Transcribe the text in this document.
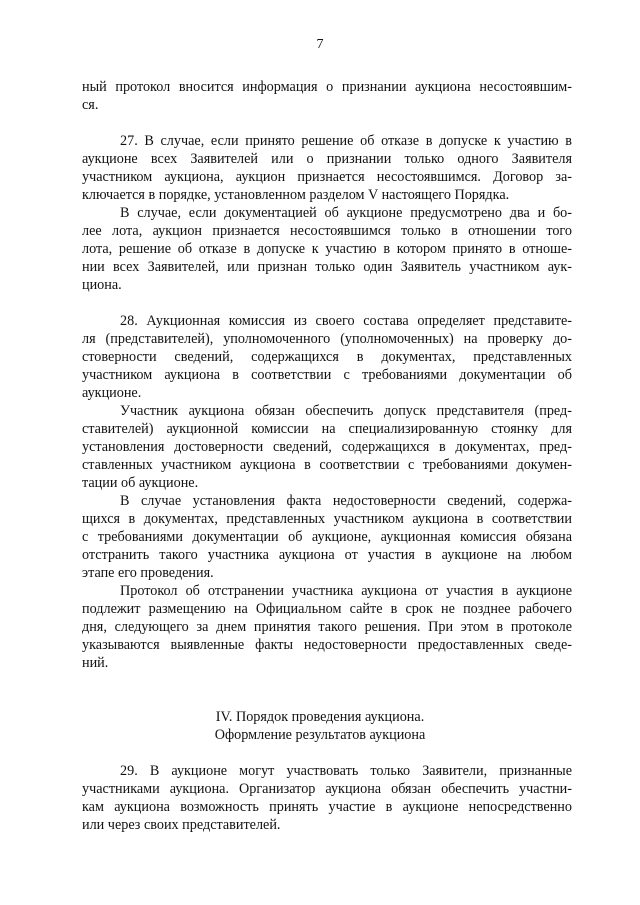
7
ный протокол вносится информация о признании аукциона несостоявшим-
ся.
27. В случае, если принято решение об отказе в допуске к участию в
аукционе всех Заявителей или о признании только одного Заявителя
участником аукциона, аукцион признается несостоявшимся. Договор за-
ключается в порядке, установленном разделом V настоящего Порядка.
В случае, если документацией об аукционе предусмотрено два и бо-
лее лота, аукцион признается несостоявшимся только в отношении того
лота, решение об отказе в допуске к участию в котором принято в отноше-
нии всех Заявителей, или признан только один Заявитель участником аук-
циона.
28. Аукционная комиссия из своего состава определяет представите-
ля (представителей), уполномоченного (уполномоченных) на проверку до-
стоверности сведений, содержащихся в документах, представленных
участником аукциона в соответствии с требованиями документации об
аукционе.
Участник аукциона обязан обеспечить допуск представителя (пред-
ставителей) аукционной комиссии на специализированную стоянку для
установления достоверности сведений, содержащихся в документах, пред-
ставленных участником аукциона в соответствии с требованиями докумен-
тации об аукционе.
В случае установления факта недостоверности сведений, содержа-
щихся в документах, представленных участником аукциона в соответствии
с требованиями документации об аукционе, аукционная комиссия обязана
отстранить такого участника аукциона от участия в аукционе на любом
этапе его проведения.
Протокол об отстранении участника аукциона от участия в аукционе
подлежит размещению на Официальном сайте в срок не позднее рабочего
дня, следующего за днем принятия такого решения. При этом в протоколе
указываются выявленные факты недостоверности предоставленных сведе-
ний.
IV. Порядок проведения аукциона.
Оформление результатов аукциона
29. В аукционе могут участвовать только Заявители, признанные
участниками аукциона. Организатор аукциона обязан обеспечить участни-
кам аукциона возможность принять участие в аукционе непосредственно
или через своих представителей.
